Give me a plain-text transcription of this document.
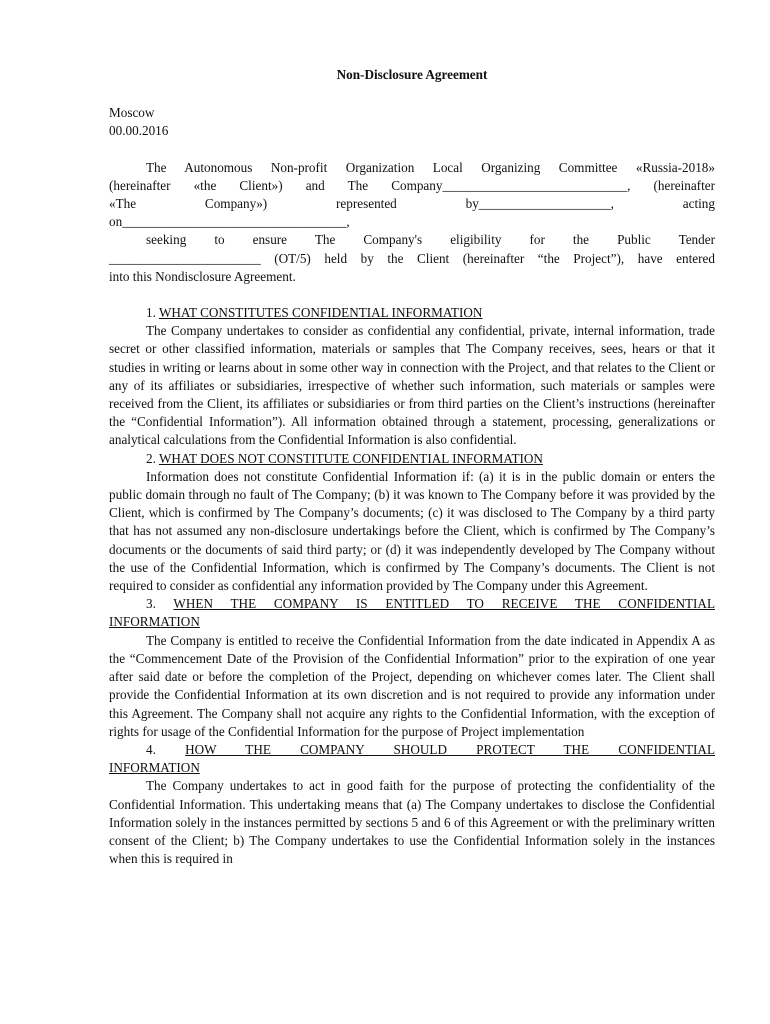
Non-Disclosure Agreement

Moscow

00.00.2016

The Autonomous Non-profit Organization Local Organizing Committee «Russia-2018»

(hereinafter «the Client») and The Company____________________________, (hereinafter

«The Company») represented by____________________, acting

on__________________________________,

seeking to ensure The Company's eligibility for the Public Tender

_______________________ (OT/5) held by the Client (hereinafter “the Project”), have entered

into this Nondisclosure Agreement.

1. WHAT CONSTITUTES CONFIDENTIAL INFORMATION

The Company undertakes to consider as confidential any confidential, private, internal information, trade secret or other classified information, materials or samples that The Company receives, sees, hears or that it studies in writing or learns about in some other way in connection with the Project, and that relates to the Client or any of its affiliates or subsidiaries, irrespective of whether such information, such materials or samples were received from the Client, its affiliates or subsidiaries or from third parties on the Client’s instructions (hereinafter the “Confidential Information”). All information obtained through a statement, processing, generalizations or analytical calculations from the Confidential Information is also confidential.

2. WHAT DOES NOT CONSTITUTE CONFIDENTIAL INFORMATION

Information does not constitute Confidential Information if: (a) it is in the public domain or enters the public domain through no fault of The Company; (b) it was known to The Company before it was provided by the Client, which is confirmed by The Company’s documents; (c) it was disclosed to The Company by a third party that has not assumed any non-disclosure undertakings before the Client, which is confirmed by The Company’s documents or the documents of said third party; or (d) it was independently developed by The Company without the use of the Confidential Information, which is confirmed by The Company’s documents. The Client is not required to consider as confidential any information provided by The Company under this Agreement.

3. WHEN THE COMPANY IS ENTITLED TO RECEIVE THE CONFIDENTIAL

INFORMATION

The Company is entitled to receive the Confidential Information from the date indicated in Appendix A as the “Commencement Date of the Provision of the Confidential Information” prior to the expiration of one year after said date or before the completion of the Project, depending on whichever comes later. The Client shall provide the Confidential Information at its own discretion and is not required to provide any information under this Agreement. The Company shall not acquire any rights to the Confidential Information, with the exception of rights for usage of the Confidential Information for the purpose of Project implementation

4. HOW THE COMPANY SHOULD PROTECT THE CONFIDENTIAL

INFORMATION

The Company undertakes to act in good faith for the purpose of protecting the confidentiality of the Confidential Information. This undertaking means that (a) The Company undertakes to disclose the Confidential Information solely in the instances permitted by sections 5 and 6 of this Agreement or with the preliminary written consent of the Client; b) The Company undertakes to use the Confidential Information solely in the instances when this is required in
